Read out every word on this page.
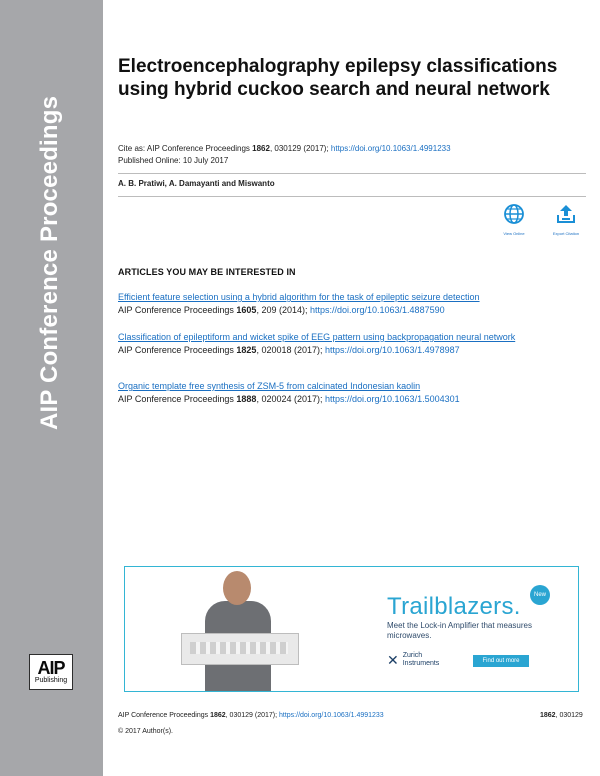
AIP Conference Proceedings
AIP
Publishing
Electroencephalography epilepsy classifications using hybrid cuckoo search and neural network
Cite as: AIP Conference Proceedings 1862, 030129 (2017); https://doi.org/10.1063/1.4991233
Published Online: 10 July 2017
A. B. Pratiwi, A. Damayanti and Miswanto
View Online	Export Citation
ARTICLES YOU MAY BE INTERESTED IN
Efficient feature selection using a hybrid algorithm for the task of epileptic seizure detection
AIP Conference Proceedings 1605, 209 (2014); https://doi.org/10.1063/1.4887590
Classification of epileptiform and wicket spike of EEG pattern using backpropagation neural network
AIP Conference Proceedings 1825, 020018 (2017); https://doi.org/10.1063/1.4978987
Organic template free synthesis of ZSM-5 from calcinated Indonesian kaolin
AIP Conference Proceedings 1888, 020024 (2017); https://doi.org/10.1063/1.5004301
Trailblazers.	New
Meet the Lock-in Amplifier that measures microwaves.
✕ Zurich
Instruments	Find out more
AIP Conference Proceedings 1862, 030129 (2017); https://doi.org/10.1063/1.4991233	1862, 030129
© 2017 Author(s).
